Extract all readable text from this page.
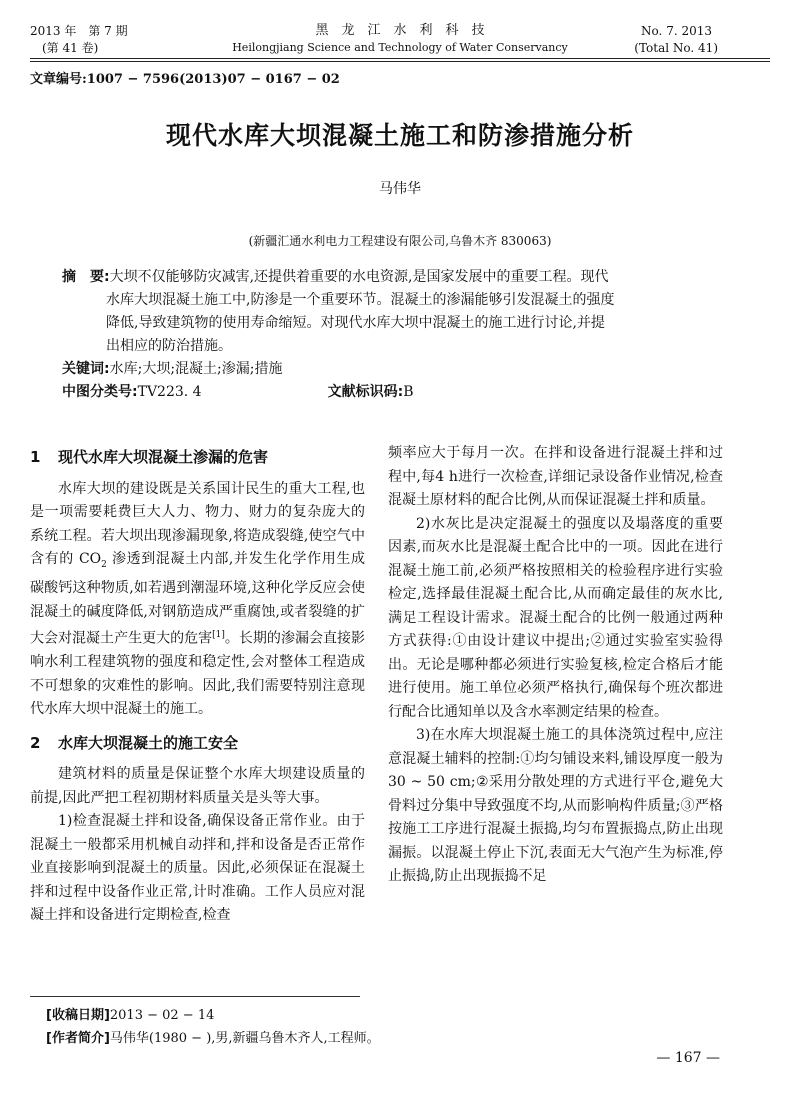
2013 年　第 7 期
(第 41 卷)
黑　龙　江　水　利　科　技
Heilongjiang Science and Technology of Water Conservancy
No. 7. 2013
(Total No. 41)
文章编号:1007 − 7596(2013)07 − 0167 − 02
现代水库大坝混凝土施工和防渗措施分析
马伟华
(新疆汇通水利电力工程建设有限公司,乌鲁木齐 830063)

摘　要:大坝不仅能够防灾减害,还提供着重要的水电资源,是国家发展中的重要工程。现代

水库大坝混凝土施工中,防渗是一个重要环节。混凝土的渗漏能够引发混凝土的强度

降低,导致建筑物的使用寿命缩短。对现代水库大坝中混凝土的施工进行讨论,并提

出相应的防治措施。

关键词:水库;大坝;混凝土;渗漏;措施

中图分类号:TV223. 4	文献标识码:B

1 现代水库大坝混凝土渗漏的危害

水库大坝的建设既是关系国计民生的重大工程,也是一项需要耗费巨大人力、物力、财力的复杂庞大的系统工程。若大坝出现渗漏现象,将造成裂缝,使空气中含有的 $CO_2$ 渗透到混凝土内部,并发生化学作用生成碳酸钙这种物质,如若遇到潮湿环境,这种化学反应会使混凝土的碱度降低,对钢筋造成严重腐蚀,或者裂缝的扩大会对混凝土产生更大的危害[1]。长期的渗漏会直接影响水利工程建筑物的强度和稳定性,会对整体工程造成不可想象的灾难性的影响。因此,我们需要特别注意现代水库大坝中混凝土的施工。

2 水库大坝混凝土的施工安全

建筑材料的质量是保证整个水库大坝建设质量的前提,因此严把工程初期材料质量关是头等大事。

1)检查混凝土拌和设备,确保设备正常作业。由于混凝土一般都采用机械自动拌和,拌和设备是否正常作业直接影响到混凝土的质量。因此,必须保证在混凝土拌和过程中设备作业正常,计时准确。工作人员应对混凝土拌和设备进行定期检查,检查

频率应大于每月一次。在拌和设备进行混凝土拌和过程中,每4 h进行一次检查,详细记录设备作业情况,检查混凝土原材料的配合比例,从而保证混凝土拌和质量。

2)水灰比是决定混凝土的强度以及塌落度的重要因素,而灰水比是混凝土配合比中的一项。因此在进行混凝土施工前,必须严格按照相关的检验程序进行实验检定,选择最佳混凝土配合比,从而确定最佳的灰水比,满足工程设计需求。混凝土配合的比例一般通过两种方式获得:①由设计建议中提出;②通过实验室实验得出。无论是哪种都必须进行实验复核,检定合格后才能进行使用。施工单位必须严格执行,确保每个班次都进行配合比通知单以及含水率测定结果的检查。

3)在水库大坝混凝土施工的具体浇筑过程中,应注意混凝土辅料的控制:①均匀铺设来料,铺设厚度一般为 30 ~ 50 cm;②采用分散处理的方式进行平仓,避免大骨料过分集中导致强度不均,从而影响构件质量;③严格按施工工序进行混凝土振捣,均匀布置振捣点,防止出现漏振。以混凝土停止下沉,表面无大气泡产生为标准,停止振捣,防止出现振捣不足

[收稿日期]2013 − 02 − 14
[作者简介]马伟华(1980 − ),男,新疆乌鲁木齐人,工程师。
— 167 —
